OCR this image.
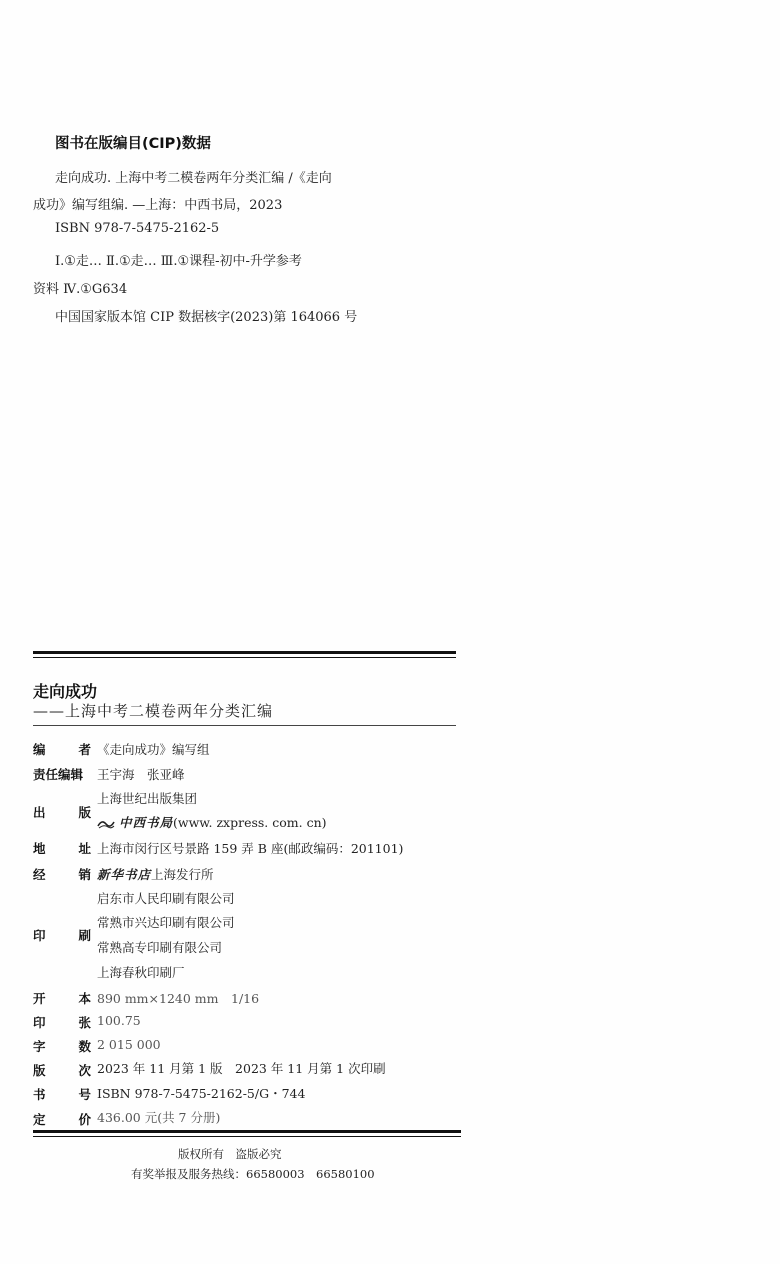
图书在版编目(CIP)数据
走向成功. 上海中考二模卷两年分类汇编 /《走向
成功》编写组编. —上海：中西书局，2023
ISBN 978-7-5475-2162-5
Ⅰ.①走… Ⅱ.①走… Ⅲ.①课程-初中-升学参考
资料 Ⅳ.①G634
中国国家版本馆 CIP 数据核字(2023)第 164066 号
走向成功
——上海中考二模卷两年分类汇编
编	者 《走向成功》编写组
责任编辑	王宇海　张亚峰
出	版
上海世纪出版集团
中西书局(www. zxpress. com. cn)
地	址 上海市闵行区号景路 159 弄 B 座(邮政编码：201101)
经	销 新华书店上海发行所
印	刷
启东市人民印刷有限公司
常熟市兴达印刷有限公司
常熟高专印刷有限公司
上海春秋印刷厂
开	本 890 mm×1240 mm　1/16
印	张 100.75
字	数 2 015 000
版	次 2023 年 11 月第 1 版　2023 年 11 月第 1 次印刷
书	号 ISBN 978-7-5475-2162-5/G・744
定	价 436.00 元(共 7 分册)
版权所有　盗版必究
有奖举报及服务热线：66580003　66580100
